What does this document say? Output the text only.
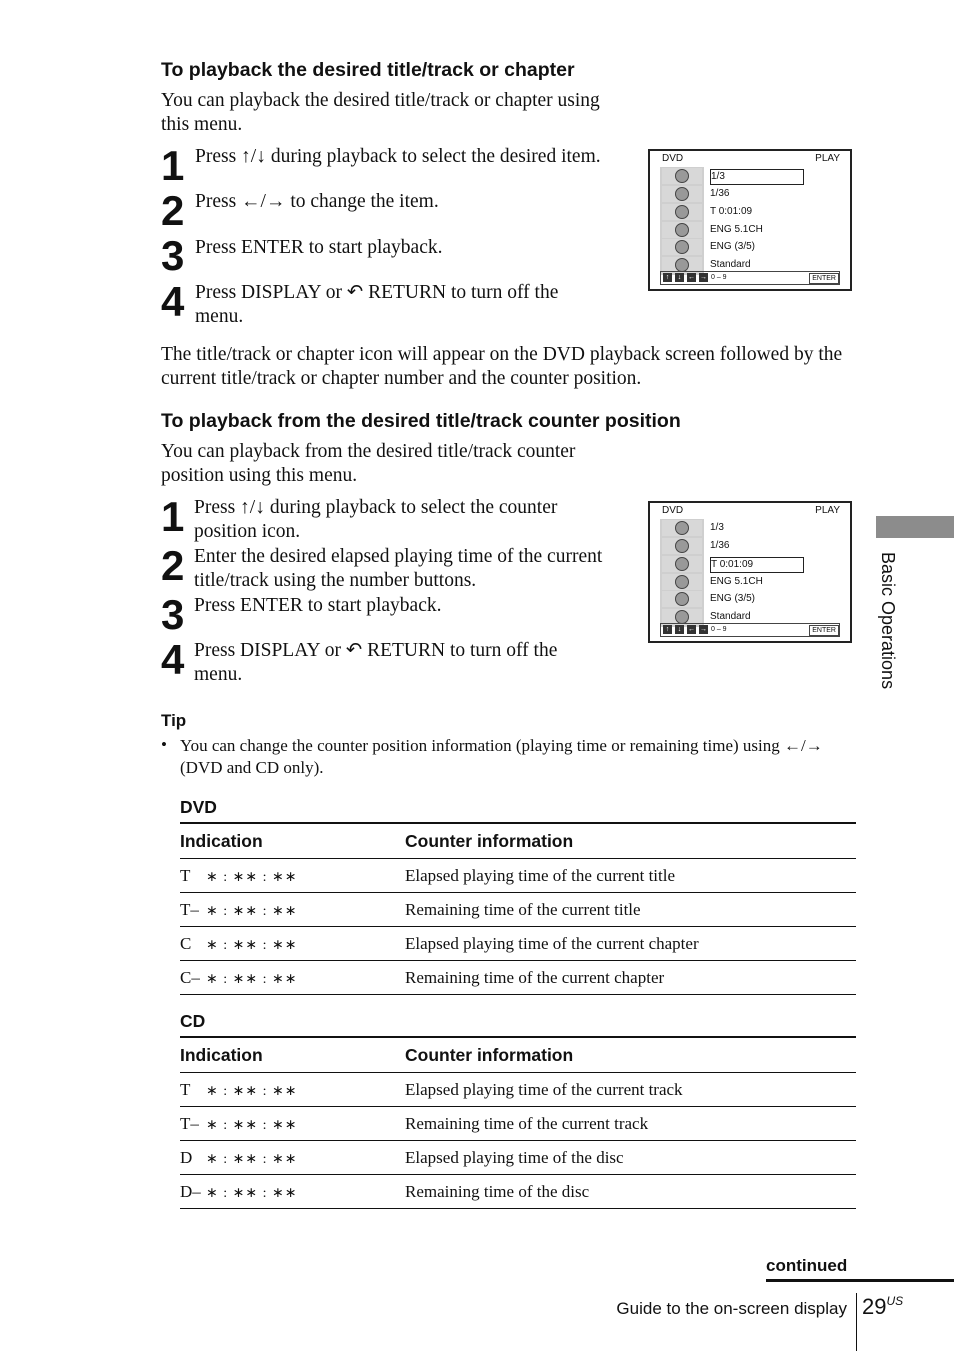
To playback the desired title/track or chapter
You can playback the desired title/track or chapter using this menu.
1 Press ↑/↓ during playback to select the desired item.
2 Press ←/→ to change the item.
3 Press ENTER to start playback.
4 Press DISPLAY or ↶ RETURN to turn off the menu.
DVD	PLAY
1/3
1/36
T 0:01:09
ENG 5.1CH
ENG (3/5)
Standard
↑	↓ ← → 0 – 9	ENTER
The title/track or chapter icon will appear on the DVD playback screen followed by the current title/track or chapter number and the counter position.
To playback from the desired title/track counter position
You can playback from the desired title/track counter position using this menu.
1 Press ↑/↓ during playback to select the counter position icon.
2 Enter the desired elapsed playing time of the current title/track using the number buttons.
3 Press ENTER to start playback.
4 Press DISPLAY or ↶ RETURN to turn off the menu.
DVD	PLAY
1/3
1/36
T 0:01:09
ENG 5.1CH
ENG (3/5)
Standard
↑	↓ ← → 0 – 9	ENTER
Tip
• You can change the counter position information (playing time or remaining time) using ←/→ (DVD and CD only).
DVD
Indication	Counter information
T ∗ : ∗∗ : ∗∗	Elapsed playing time of the current title
T– ∗ : ∗∗ : ∗∗	Remaining time of the current title
C ∗ : ∗∗ : ∗∗	Elapsed playing time of the current chapter
C– ∗ : ∗∗ : ∗∗	Remaining time of the current chapter
CD
Indication	Counter information
T ∗ : ∗∗ : ∗∗	Elapsed playing time of the current track
T– ∗ : ∗∗ : ∗∗	Remaining time of the current track
D ∗ : ∗∗ : ∗∗	Elapsed playing time of the disc
D– ∗ : ∗∗ : ∗∗	Remaining time of the disc
Basic Operations
continued
Guide to the on-screen display $29^{US}$
